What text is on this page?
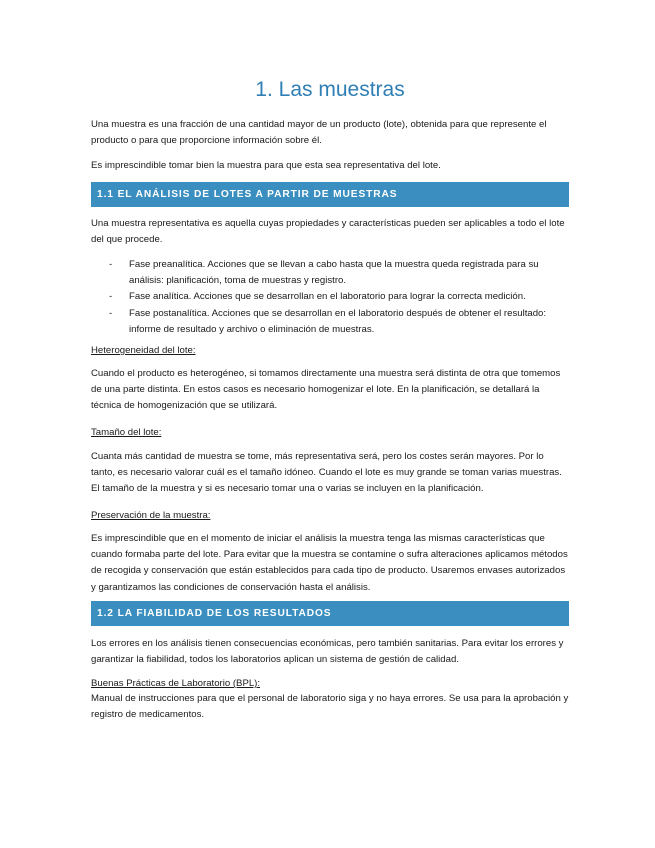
1. Las muestras

Una muestra es una fracción de una cantidad mayor de un producto (lote), obtenida para que represente el producto o para que proporcione información sobre él.

Es imprescindible tomar bien la muestra para que esta sea representativa del lote.

1.1 EL ANÁLISIS DE LOTES A PARTIR DE MUESTRAS

Una muestra representativa es aquella cuyas propiedades y características pueden ser aplicables a todo el lote del que procede.

- Fase preanalítica. Acciones que se llevan a cabo hasta que la muestra queda registrada para su análisis: planificación, toma de muestras y registro.
- Fase analítica. Acciones que se desarrollan en el laboratorio para lograr la correcta medición.
- Fase postanalítica. Acciones que se desarrollan en el laboratorio después de obtener el resultado: informe de resultado y archivo o eliminación de muestras.
Heterogeneidad del lote:

Cuando el producto es heterogéneo, si tomamos directamente una muestra será distinta de otra que tomemos de una parte distinta. En estos casos es necesario homogenizar el lote. En la planificación, se detallará la técnica de homogenización que se utilizará.

Tamaño del lote:

Cuanta más cantidad de muestra se tome, más representativa será, pero los costes serán mayores. Por lo tanto, es necesario valorar cuál es el tamaño idóneo. Cuando el lote es muy grande se toman varias muestras. El tamaño de la muestra y si es necesario tomar una o varias se incluyen en la planificación.

Preservación de la muestra:

Es imprescindible que en el momento de iniciar el análisis la muestra tenga las mismas características que cuando formaba parte del lote. Para evitar que la muestra se contamine o sufra alteraciones aplicamos métodos de recogida y conservación que están establecidos para cada tipo de producto. Usaremos envases autorizados y garantizamos las condiciones de conservación hasta el análisis.

1.2 LA FIABILIDAD DE LOS RESULTADOS

Los errores en los análisis tienen consecuencias económicas, pero también sanitarias. Para evitar los errores y garantizar la fiabilidad, todos los laboratorios aplican un sistema de gestión de calidad.

Buenas Prácticas de Laboratorio (BPL):

Manual de instrucciones para que el personal de laboratorio siga y no haya errores. Se usa para la aprobación y registro de medicamentos.
